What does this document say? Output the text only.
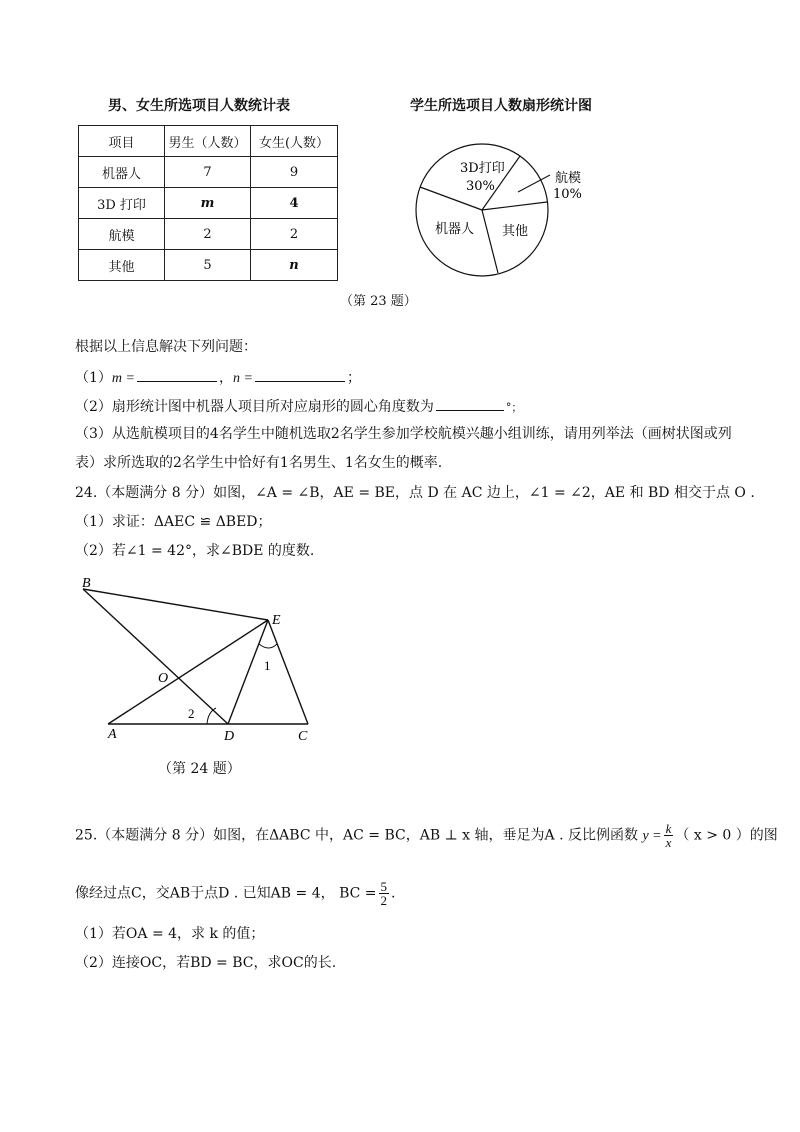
男、女生所选项目人数统计表
项目	男生（人数）	女生(人数）
机器人	7	9
3D 打印	m	4
航模	2	2
其他	5	n
学生所选项目人数扇形统计图
3D打印
30%
航模
10%
其他
机器人
（第 23 题）
根据以上信息解决下列问题：
（1）m =	，n =	；
（2）扇形统计图中机器人项目所对应扇形的圆心角度数为	°；
（3）从选航模项目的4名学生中随机选取2名学生参加学校航模兴趣小组训练，请用列举法（画树状图或列
表）求所选取的2名学生中恰好有1名男生、1名女生的概率.
24.（本题满分 8 分）如图，∠A = ∠B，AE = BE，点 D 在 AC 边上，∠1 = ∠2，AE 和 BD 相交于点 O .
（1）求证：ΔAEC ≌ ΔBED；
（2）若∠1 = 42°，求∠BDE 的度数.
B
E
O
A	D	C
1
2
（第 24 题）
25.（本题满分 8 分）如图，在ΔABC 中，AC = BC，AB ⊥ x 轴，垂足为A . 反比例函数 $y = \frac{k}{x}$ （ x > 0 ）的图
像经过点C，交AB于点D . 已知AB = 4， BC = $\frac{5}{2}$ .
（1）若OA = 4，求 k 的值；
（2）连接OC，若BD = BC，求OC的长.
